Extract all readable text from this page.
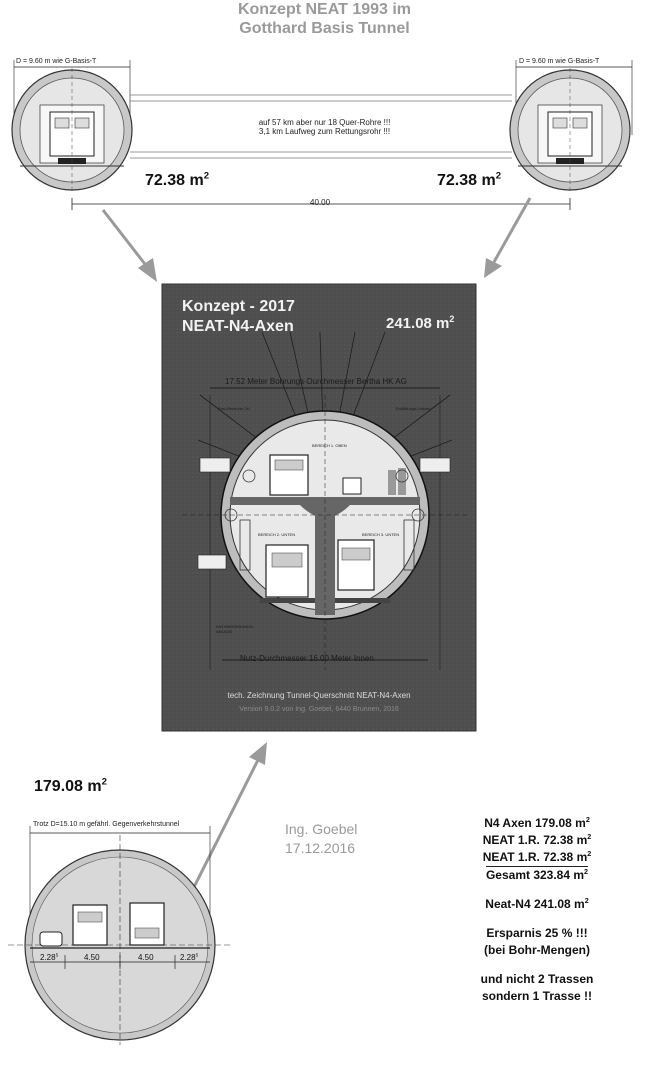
Konzept NEAT 1993 im
Gotthard Basis Tunnel
D = 9.60 m wie G-Basis-T	D = 9.60 m wie G-Basis-T
auf 57 km aber nur 18 Quer-Rohre !!!
3,1 km Laufweg zum Rettungsrohr !!!
72.38 $m^2$	72.38 $m^2$
40.00
Konzept - 2017
NEAT-N4-Axen	241.08 $m^2$
17.52 Meter Bohrungs-Durchmesser Bertha HK AG
Fest-Bereiche Ort	Entlüftungs-Leitung
BEREICH 1. OBEN
BEREICH 2. UNTEN	BEREICH 3. UNTEN
ENTWÄSSERUNGS-ANLAGE
Nutz-Durchmesser 16.00 Meter Innen
tech. Zeichnung Tunnel-Querschnitt NEAT-N4-Axen
Version 9.0.2 von Ing. Goebel, 6440 Brunnen, 2016
179.08 $m^2$
Trotz D=15.10 m gefährl. Gegenverkehrstunnel
2.28$^5$	4.50	4.50	2.28$^5$
Ing. Goebel
17.12.2016
N4 Axen 179.08 $m^2$
NEAT 1.R. 72.38 $m^2$
NEAT 1.R. 72.38 $m^2$
Gesamt 323.84 $m^2$
Neat-N4 241.08 $m^2$
Ersparnis 25 % !!!
(bei Bohr-Mengen)
und nicht 2 Trassen
sondern 1 Trasse !!
